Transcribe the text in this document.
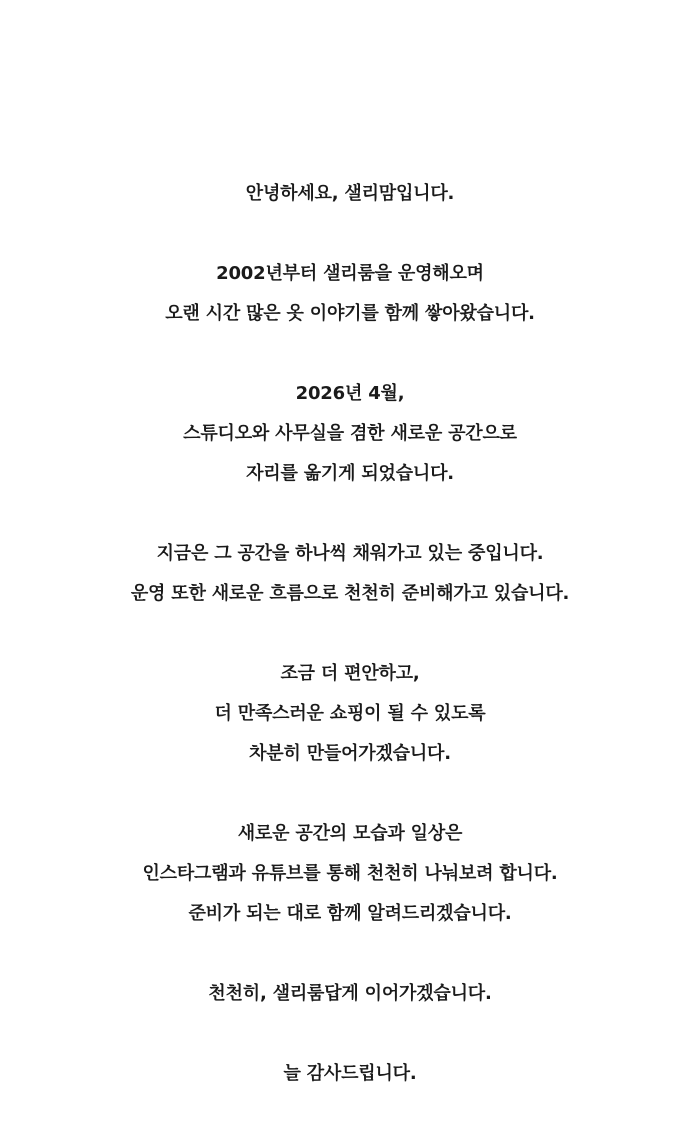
안녕하세요, 샐리맘입니다.
2002년부터 샐리룸을 운영해오며
오랜 시간 많은 옷 이야기를 함께 쌓아왔습니다.
2026년 4월,
스튜디오와 사무실을 겸한 새로운 공간으로
자리를 옮기게 되었습니다.
지금은 그 공간을 하나씩 채워가고 있는 중입니다.
운영 또한 새로운 흐름으로 천천히 준비해가고 있습니다.
조금 더 편안하고,
더 만족스러운 쇼핑이 될 수 있도록
차분히 만들어가겠습니다.
새로운 공간의 모습과 일상은
인스타그램과 유튜브를 통해 천천히 나눠보려 합니다.
준비가 되는 대로 함께 알려드리겠습니다.
천천히, 샐리룸답게 이어가겠습니다.
늘 감사드립니다.
